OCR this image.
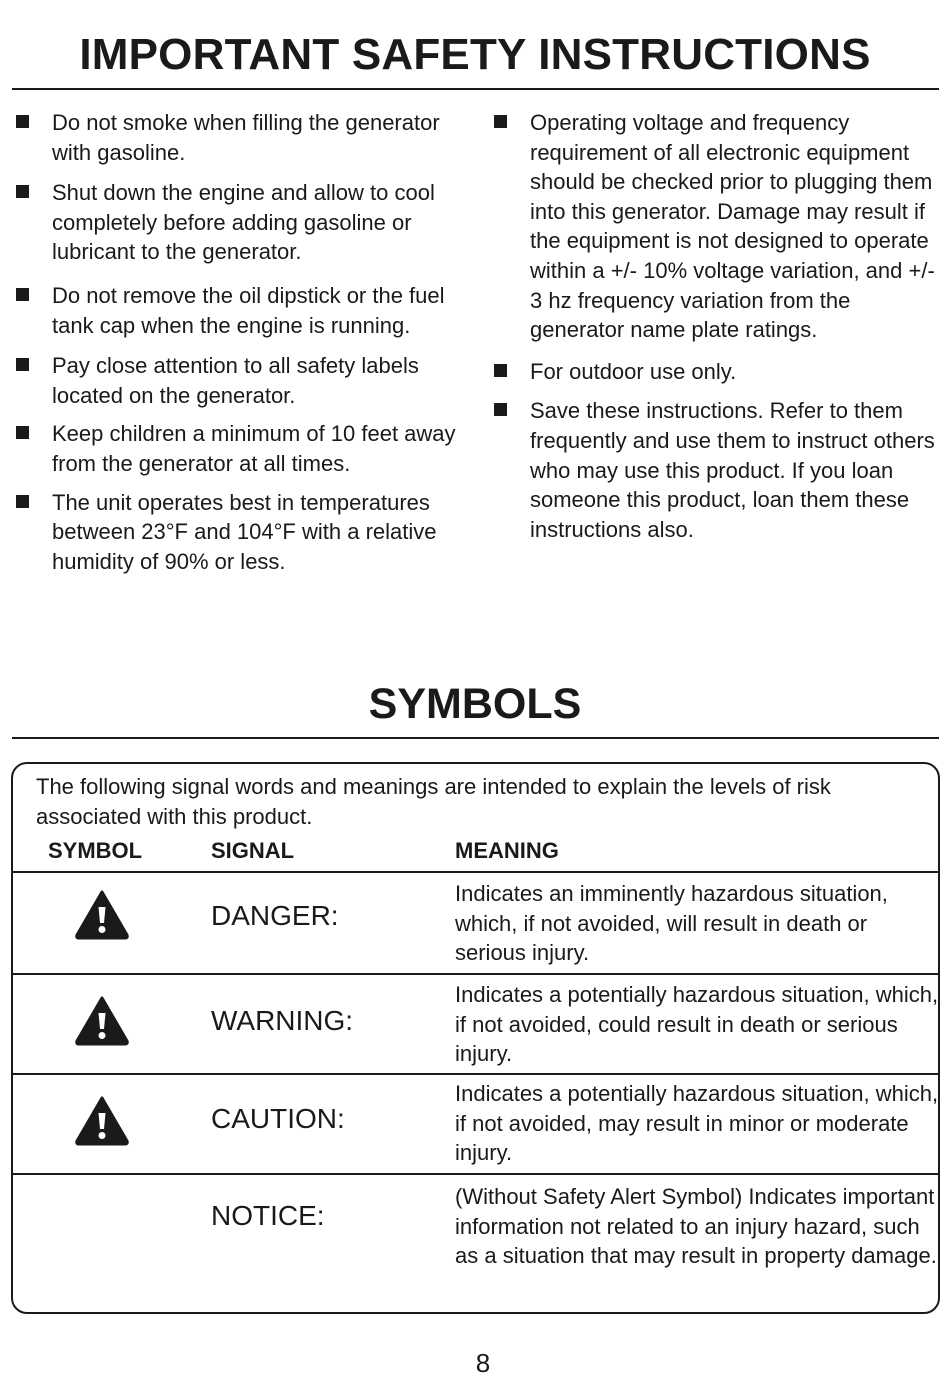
IMPORTANT SAFETY INSTRUCTIONS
Do not smoke when filling the generator with gasoline.
Shut down the engine and allow to cool completely before adding gasoline or lubricant to the generator.
Do not remove the oil dipstick or the fuel tank cap when the engine is running.
Pay close attention to all safety labels located on the generator.
Keep children a minimum of 10 feet away from the generator at all times.
The unit operates best in temperatures between 23°F and 104°F with a relative humidity of 90% or less.
Operating voltage and frequency requirement of all electronic equipment should be checked prior to plugging them into this generator. Damage may result if the equipment is not designed to operate within a +/- 10% voltage variation, and +/- 3 hz frequency variation from the generator name plate ratings.
For outdoor use only.
Save these instructions. Refer to them frequently and use them to instruct others who may use this product. If you loan someone this product, loan them these instructions also.
SYMBOLS
The following signal words and meanings are intended to explain the levels of risk associated with this product.
SYMBOL	SIGNAL	MEANING
DANGER:
Indicates an imminently hazardous situation, which, if not avoided, will result in death or serious injury.
WARNING:
Indicates a potentially hazardous situation, which, if not avoided, could result in death or serious injury.
CAUTION:
Indicates a potentially hazardous situation, which, if not avoided, may result in minor or moderate injury.
NOTICE:
(Without Safety Alert Symbol) Indicates important information not related to an injury hazard, such as a situation that may result in property damage.
8
